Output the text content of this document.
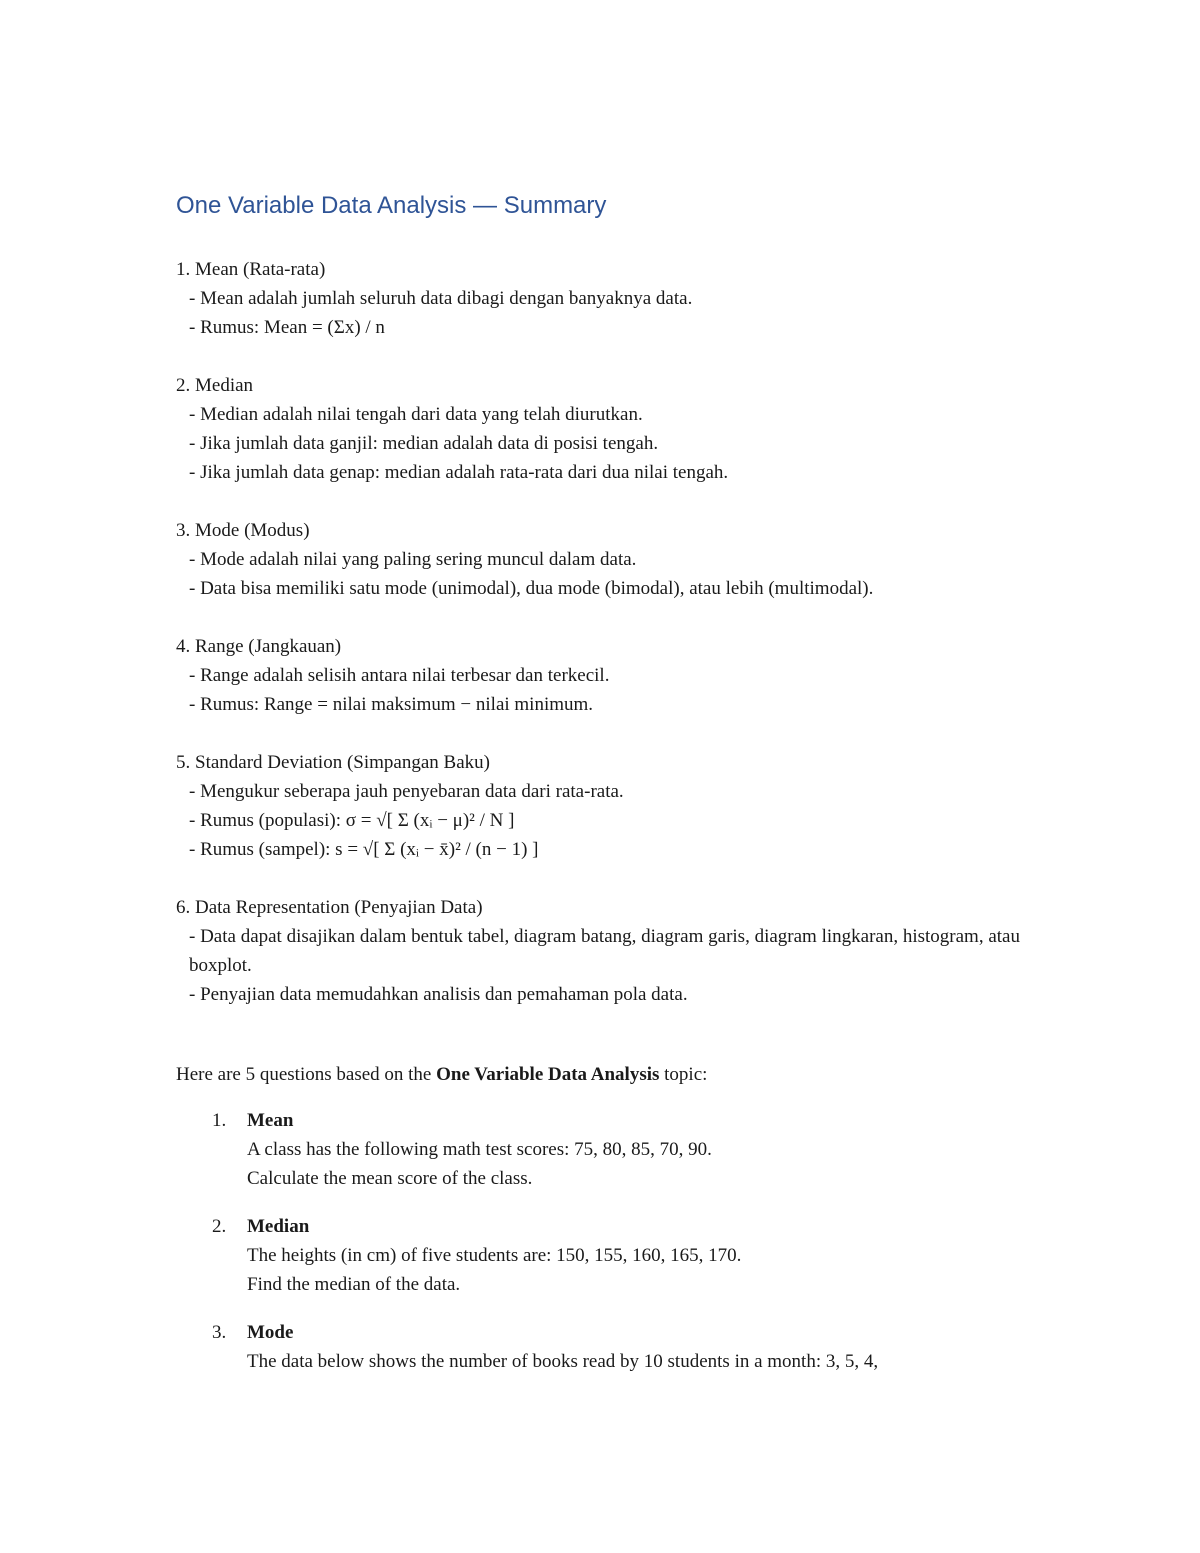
One Variable Data Analysis — Summary
1. Mean (Rata-rata)
- Mean adalah jumlah seluruh data dibagi dengan banyaknya data.
- Rumus: Mean = (Σx) / n
2. Median
- Median adalah nilai tengah dari data yang telah diurutkan.
- Jika jumlah data ganjil: median adalah data di posisi tengah.
- Jika jumlah data genap: median adalah rata-rata dari dua nilai tengah.
3. Mode (Modus)
- Mode adalah nilai yang paling sering muncul dalam data.
- Data bisa memiliki satu mode (unimodal), dua mode (bimodal), atau lebih (multimodal).
4. Range (Jangkauan)
- Range adalah selisih antara nilai terbesar dan terkecil.
- Rumus: Range = nilai maksimum − nilai minimum.
5. Standard Deviation (Simpangan Baku)
- Mengukur seberapa jauh penyebaran data dari rata-rata.
- Rumus (populasi): σ = √[ Σ (xᵢ − μ)² / N ]
- Rumus (sampel): s = √[ Σ (xᵢ − x̄)² / (n − 1) ]
6. Data Representation (Penyajian Data)
- Data dapat disajikan dalam bentuk tabel, diagram batang, diagram garis, diagram lingkaran, histogram, atau boxplot.
- Penyajian data memudahkan analisis dan pemahaman pola data.
Here are 5 questions based on the One Variable Data Analysis topic:
1. Mean
A class has the following math test scores: 75, 80, 85, 70, 90.
Calculate the mean score of the class.
2. Median
The heights (in cm) of five students are: 150, 155, 160, 165, 170.
Find the median of the data.
3. Mode
The data below shows the number of books read by 10 students in a month: 3, 5, 4,
